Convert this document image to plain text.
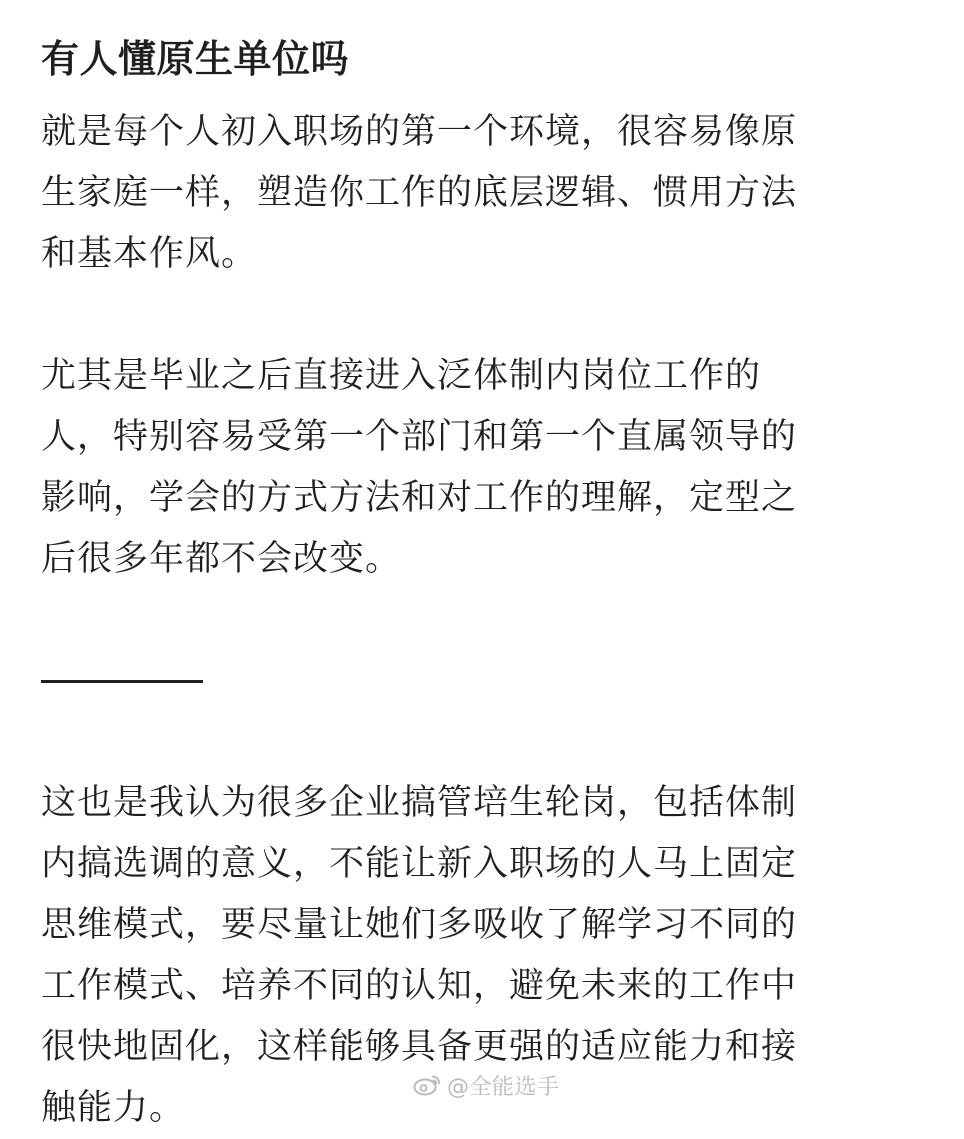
有人懂原生单位吗

就是每个人初入职场的第一个环境，很容易像原
生家庭一样，塑造你工作的底层逻辑、惯用方法
和基本作风。

尤其是毕业之后直接进入泛体制内岗位工作的
人，特别容易受第一个部门和第一个直属领导的
影响，学会的方式方法和对工作的理解，定型之
后很多年都不会改变。

这也是我认为很多企业搞管培生轮岗，包括体制
内搞选调的意义，不能让新入职场的人马上固定
思维模式，要尽量让她们多吸收了解学习不同的
工作模式、培养不同的认知，避免未来的工作中
很快地固化，这样能够具备更强的适应能力和接
触能力。

@全能选手
